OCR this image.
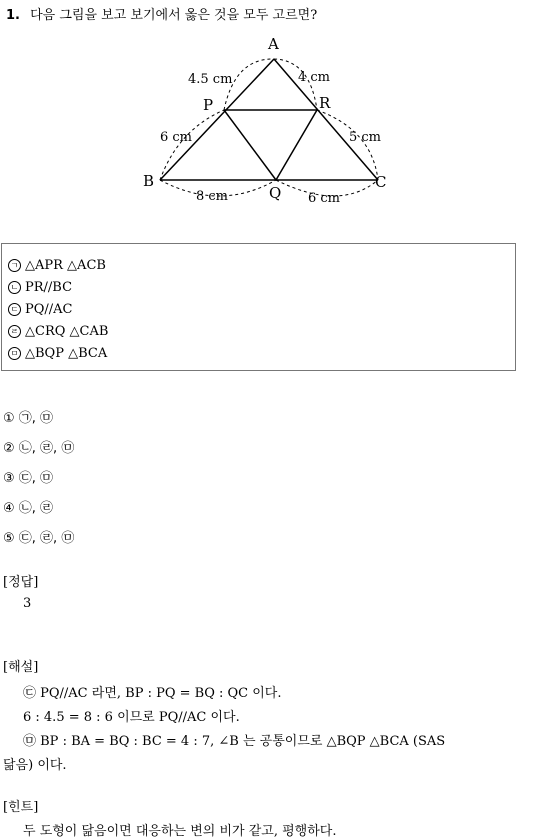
1. 다음 그림을 보고 보기에서 옳은 것을 모두 고르면?
A
B	C
P
Q
R
4.5 cm	4 cm
6 cm	5 cm
8 cm	6 cm
ㄱ △APR △ACB
ㄴ PR//BC
ㄷ PQ//AC
ㄹ △CRQ △CAB
ㅁ △BQP △BCA
① ㉠, ㉤
② ㉡, ㉣, ㉤
③ ㉢, ㉤
④ ㉡, ㉣
⑤ ㉢, ㉣, ㉤
[정답]
3
[해설]
㉢ PQ//AC 라면, BP : PQ = BQ : QC 이다.
6 : 4.5 = 8 : 6 이므로 PQ//AC 이다.
㉤ BP : BA = BQ : BC = 4 : 7, ∠B 는 공통이므로 △BQP △BCA (SAS
닮음) 이다.
[힌트]
두 도형이 닮음이면 대응하는 변의 비가 같고, 평행하다.
